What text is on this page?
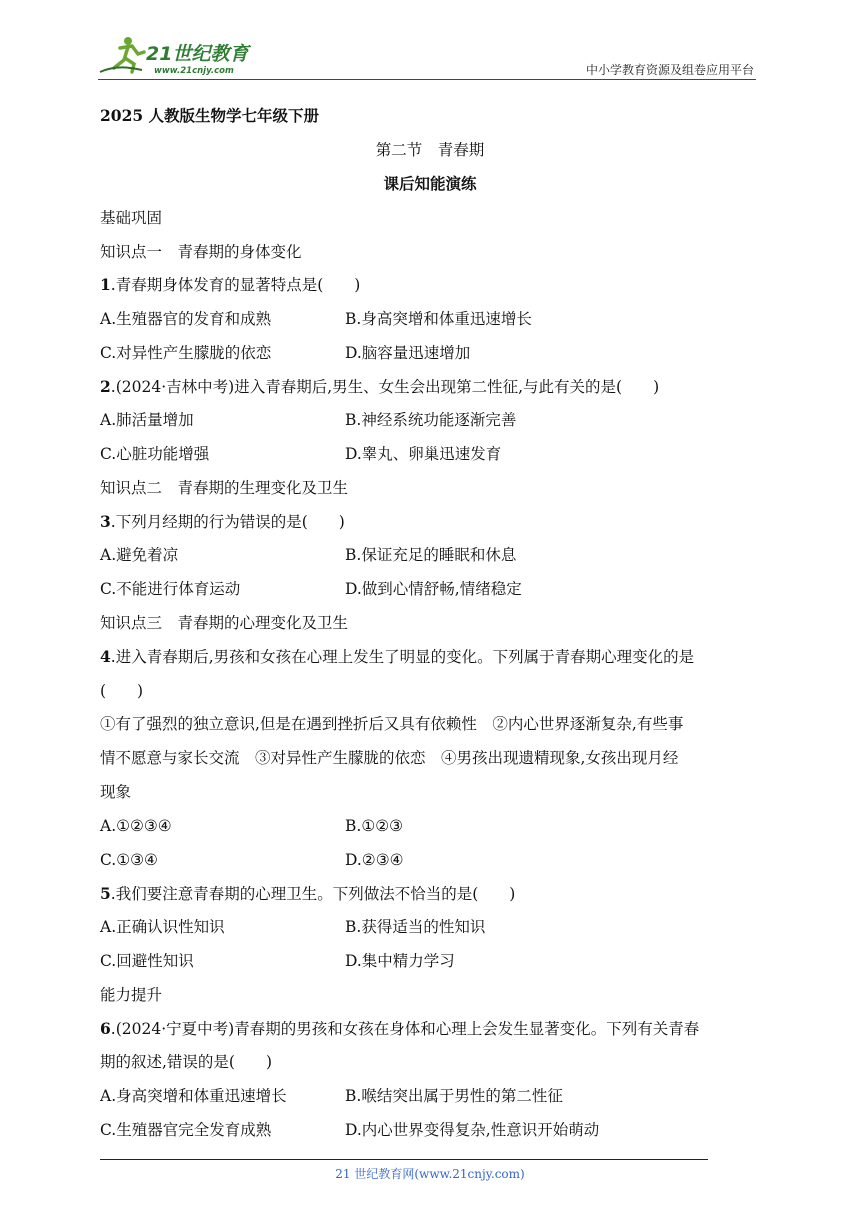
21世纪教育
www.21cnjy.com	中小学教育资源及组卷应用平台
2025 人教版生物学七年级下册
第二节　青春期
课后知能演练
基础巩固
知识点一　青春期的身体变化
1.青春期身体发育的显著特点是(　　)
A.生殖器官的发育和成熟	B.身高突增和体重迅速增长
C.对异性产生朦胧的依恋	D.脑容量迅速增加
2.(2024·吉林中考)进入青春期后,男生、女生会出现第二性征,与此有关的是(　　)
A.肺活量增加	B.神经系统功能逐渐完善
C.心脏功能增强	D.睾丸、卵巢迅速发育
知识点二　青春期的生理变化及卫生
3.下列月经期的行为错误的是(　　)
A.避免着凉	B.保证充足的睡眠和休息
C.不能进行体育运动	D.做到心情舒畅,情绪稳定
知识点三　青春期的心理变化及卫生
4.进入青春期后,男孩和女孩在心理上发生了明显的变化。下列属于青春期心理变化的是
(　　)
①有了强烈的独立意识,但是在遇到挫折后又具有依赖性　②内心世界逐渐复杂,有些事
情不愿意与家长交流　③对异性产生朦胧的依恋　④男孩出现遗精现象,女孩出现月经
现象
A.①②③④	B.①②③
C.①③④	D.②③④
5.我们要注意青春期的心理卫生。下列做法不恰当的是(　　)
A.正确认识性知识	B.获得适当的性知识
C.回避性知识	D.集中精力学习
能力提升
6.(2024·宁夏中考)青春期的男孩和女孩在身体和心理上会发生显著变化。下列有关青春
期的叙述,错误的是(　　)
A.身高突增和体重迅速增长	B.喉结突出属于男性的第二性征
C.生殖器官完全发育成熟	D.内心世界变得复杂,性意识开始萌动
21 世纪教育网(www.21cnjy.com)
